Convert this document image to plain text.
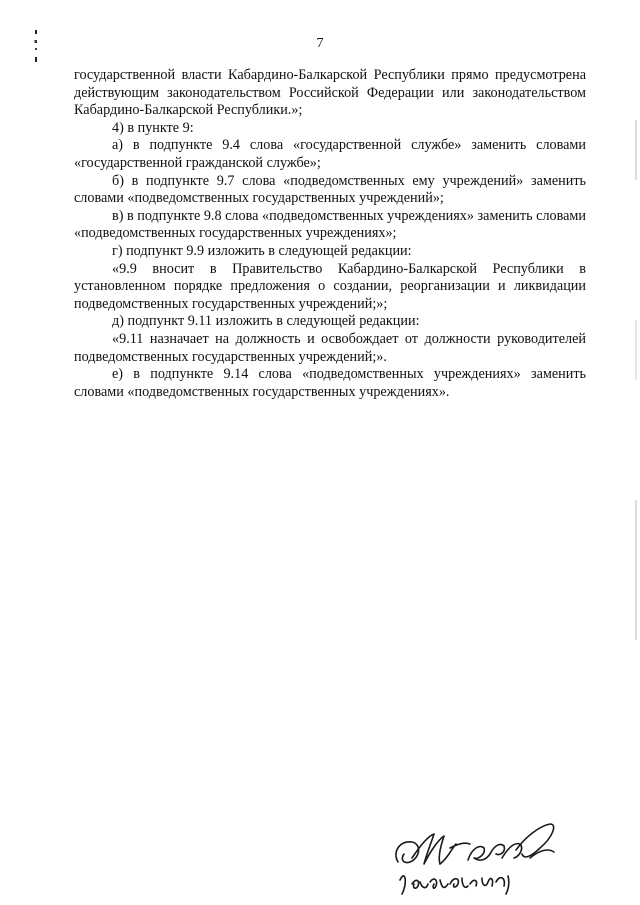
7

государственной власти Кабардино-Балкарской Республики прямо предусмотрена действующим законодательством Российской Федерации или законодательством Кабардино-Балкарской Республики.»;

4) в пункте 9:

а) в подпункте 9.4 слова «государственной службе» заменить словами «государственной гражданской службе»;

б) в подпункте 9.7 слова «подведомственных ему учреждений» заменить словами «подведомственных государственных учреждений»;

в) в подпункте 9.8 слова «подведомственных учреждениях» заменить словами «подведомственных государственных учреждениях»;

г) подпункт 9.9 изложить в следующей редакции:

«9.9 вносит в Правительство Кабардино-Балкарской Республики в установленном порядке предложения о создании, реорганизации и ликвидации подведомственных государственных учреждений;»;

д) подпункт 9.11 изложить в следующей редакции:

«9.11 назначает на должность и освобождает от должности руководителей подведомственных государственных учреждений;».

е) в подпункте 9.14 слова «подведомственных учреждениях» заменить словами «подведомственных государственных учреждениях».
